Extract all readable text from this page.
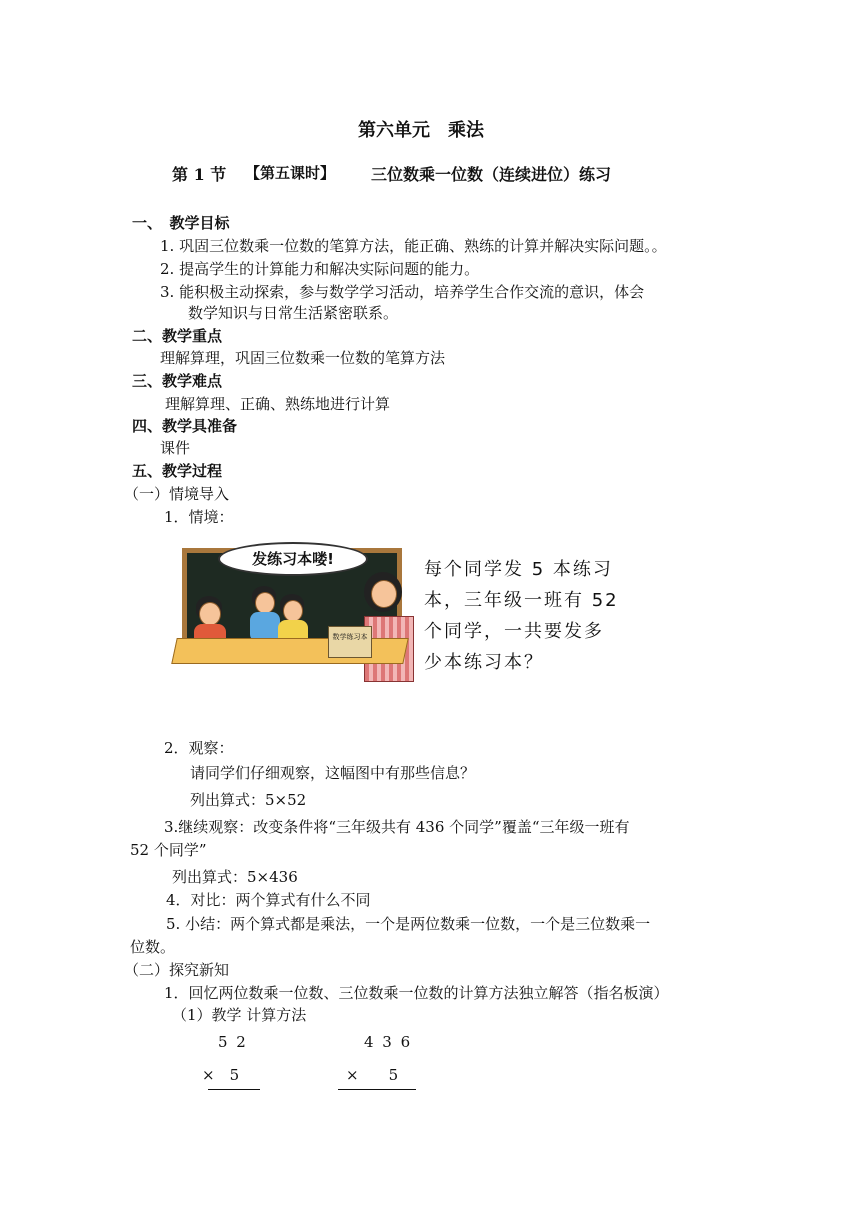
第六单元　乘法
第 1 节 【第五课时】 三位数乘一位数（连续进位）练习
一、　教学目标
1. 巩固三位数乘一位数的笔算方法，能正确、熟练的计算并解决实际问题。。
2. 提高学生的计算能力和解决实际问题的能力。
3. 能积极主动探索，参与数学学习活动，培养学生合作交流的意识，体会
数学知识与日常生活紧密联系。
二、教学重点
理解算理，巩固三位数乘一位数的笔算方法
三、教学难点
理解算理、正确、熟练地进行计算
四、教学具准备
课件
五、教学过程
（一）情境导入
1．情境：
发练习本喽!
数学练习本
每个同学发 5 本练习
本，三年级一班有 52
个同学，一共要发多
少本练习本？
2．观察：
请同学们仔细观察，这幅图中有那些信息？
列出算式：5×52
3.继续观察：改变条件将“三年级共有 436 个同学”覆盖“三年级一班有
52 个同学”
列出算式：5×436
4．对比：两个算式有什么不同
5. 小结：两个算式都是乘法，一个是两位数乘一位数，一个是三位数乘一
位数。
（二）探究新知
1．回忆两位数乘一位数、三位数乘一位数的计算方法独立解答（指名板演）
（1）教学 计算方法
5 2
×　5
4 3 6
×　　5
